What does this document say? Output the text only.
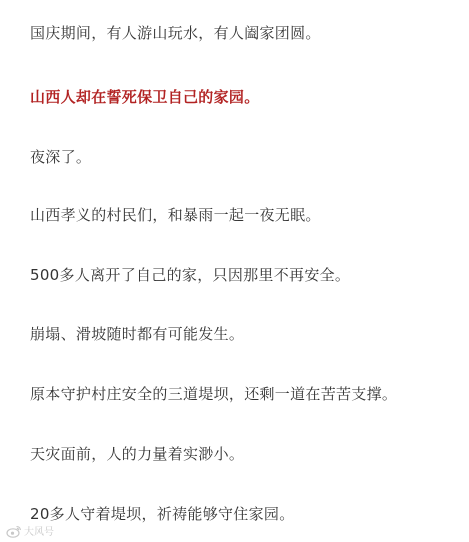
国庆期间，有人游山玩水，有人阖家团圆。

山西人却在誓死保卫自己的家园。

夜深了。

山西孝义的村民们，和暴雨一起一夜无眠。

500多人离开了自己的家，只因那里不再安全。

崩塌、滑坡随时都有可能发生。

原本守护村庄安全的三道堤坝，还剩一道在苦苦支撑。

天灾面前，人的力量着实渺小。

20多人守着堤坝，祈祷能够守住家园。

大风号
